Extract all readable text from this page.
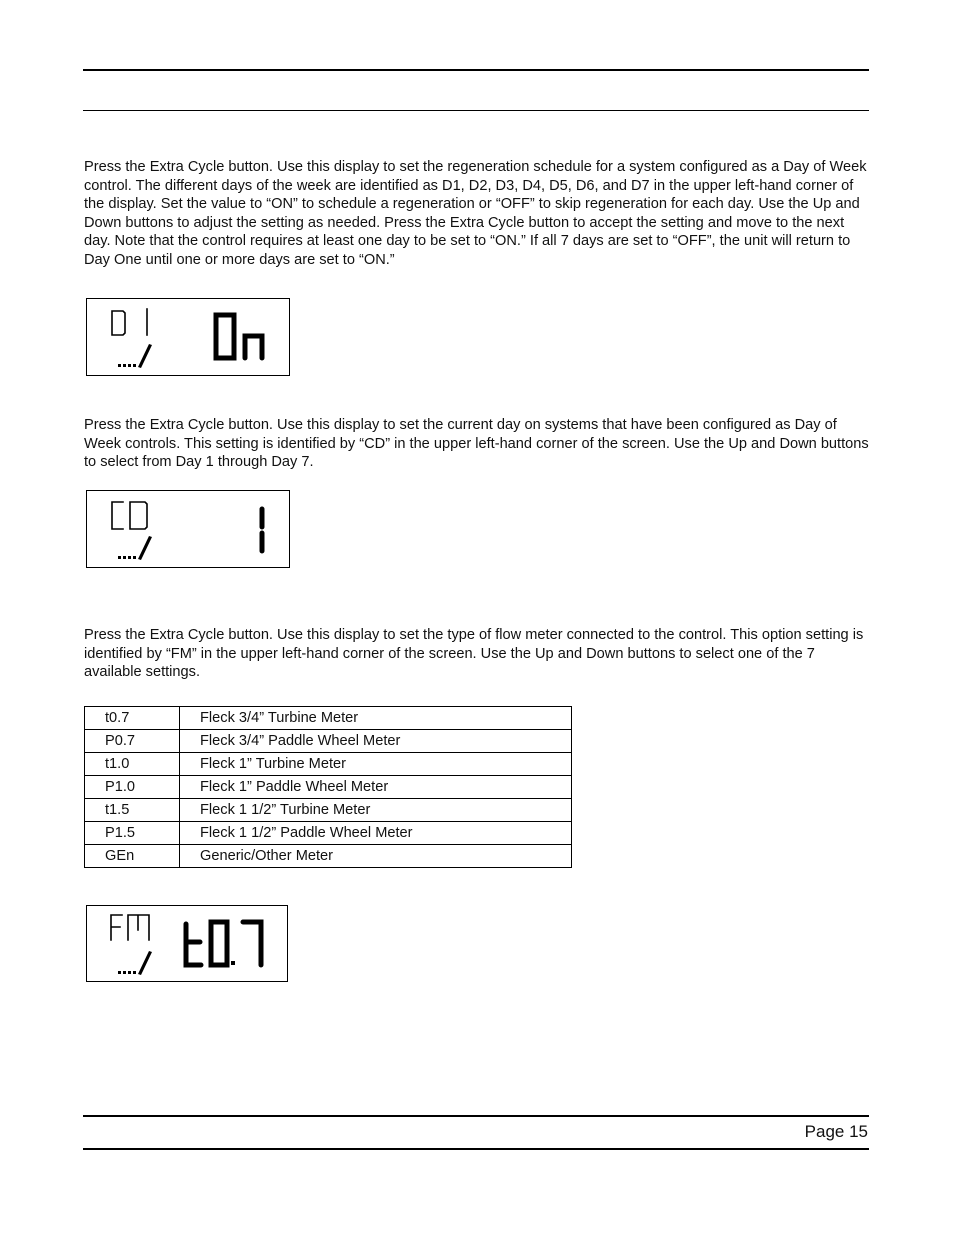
Press the Extra Cycle button. Use this display to set the regeneration schedule for a system configured as a Day of Week control. The different days of the week are identified as D1, D2, D3, D4, D5, D6, and D7 in the upper left-hand corner of the display. Set the value to “ON” to schedule a regeneration or “OFF” to skip regeneration for each day. Use the Up and Down buttons to adjust the setting as needed. Press the Extra Cycle button to accept the setting and move to the next day. Note that the control requires at least one day to be set to “ON.” If all 7 days are set to “OFF”, the unit will return to Day One until one or more days are set to “ON.”

Press the Extra Cycle button. Use this display to set the current day on systems that have been configured as Day of Week controls. This setting is identified by “CD” in the upper left-hand corner of the screen. Use the Up and Down buttons to select from Day 1 through Day 7.

Press the Extra Cycle button. Use this display to set the type of flow meter connected to the control. This option setting is identified by “FM” in the upper left-hand corner of the screen. Use the Up and Down buttons to select one of the 7 available settings.

t0.7	Fleck 3/4” Turbine Meter
P0.7	Fleck 3/4” Paddle Wheel Meter
t1.0	Fleck 1” Turbine Meter
P1.0	Fleck 1” Paddle Wheel Meter
t1.5	Fleck 1 1/2” Turbine Meter
P1.5	Fleck 1 1/2” Paddle Wheel Meter
GEn	Generic/Other Meter
Page 15
